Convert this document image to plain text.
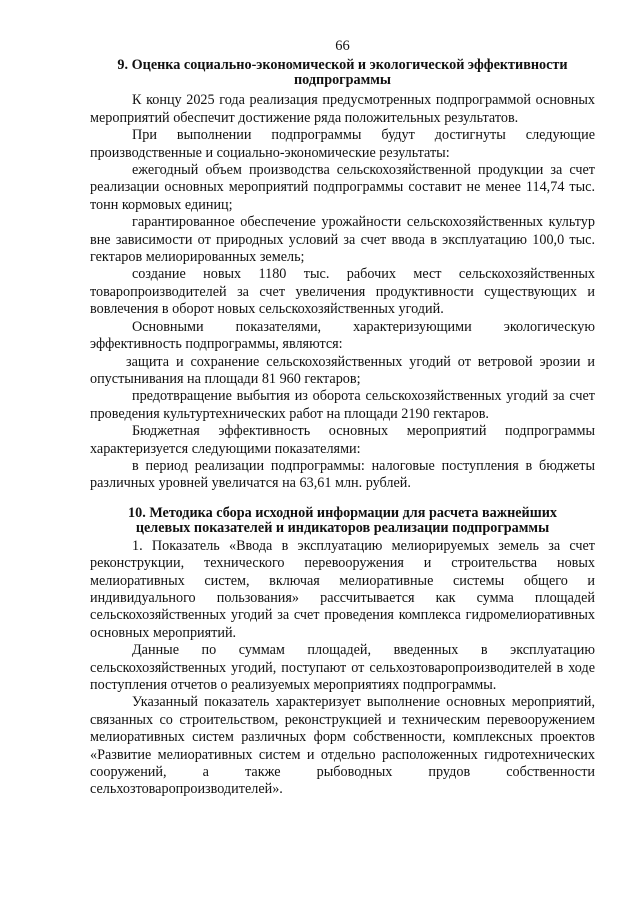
66
9. Оценка социально-экономической и экологической эффективности
подпрограммы

К концу 2025 года реализация предусмотренных подпрограммой основных мероприятий обеспечит достижение ряда положительных результатов.

При выполнении подпрограммы будут достигнуты следующие производственные и социально-экономические результаты:

ежегодный объем производства сельскохозяйственной продукции за счет реализации основных мероприятий подпрограммы составит не менее 114,74 тыс. тонн кормовых единиц;

гарантированное обеспечение урожайности сельскохозяйственных культур вне зависимости от природных условий за счет ввода в эксплуатацию 100,0 тыс. гектаров мелиорированных земель;

создание новых 1180 тыс. рабочих мест сельскохозяйственных товаропроизводителей за счет увеличения продуктивности существующих и вовлечения в оборот новых сельскохозяйственных угодий.

Основными показателями, характеризующими экологическую эффективность подпрограммы, являются:

защита и сохранение сельскохозяйственных угодий от ветровой эрозии и опустынивания на площади 81 960 гектаров;

предотвращение выбытия из оборота сельскохозяйственных угодий за счет проведения культуртехнических работ на площади 2190 гектаров.

Бюджетная эффективность основных мероприятий подпрограммы характеризуется следующими показателями:

в период реализации подпрограммы: налоговые поступления в бюджеты различных уровней увеличатся на 63,61 млн. рублей.

10. Методика сбора исходной информации для расчета важнейших
целевых показателей и индикаторов реализации подпрограммы

1. Показатель «Ввода в эксплуатацию мелиорируемых земель за счет реконструкции, технического перевооружения и строительства новых мелиоративных систем, включая мелиоративные системы общего и индивидуального пользования» рассчитывается как сумма площадей сельскохозяйственных угодий за счет проведения комплекса гидромелиоративных основных мероприятий.

Данные по суммам площадей, введенных в эксплуатацию сельскохозяйственных угодий, поступают от сельхозтоваропроизводителей в ходе поступления отчетов о реализуемых мероприятиях подпрограммы.

Указанный показатель характеризует выполнение основных мероприятий, связанных со строительством, реконструкцией и техническим перевооружением мелиоративных систем различных форм собственности, комплексных проектов «Развитие мелиоративных систем и отдельно расположенных гидротехнических сооружений, а также рыбоводных прудов собственности сельхозтоваропроизводителей».
